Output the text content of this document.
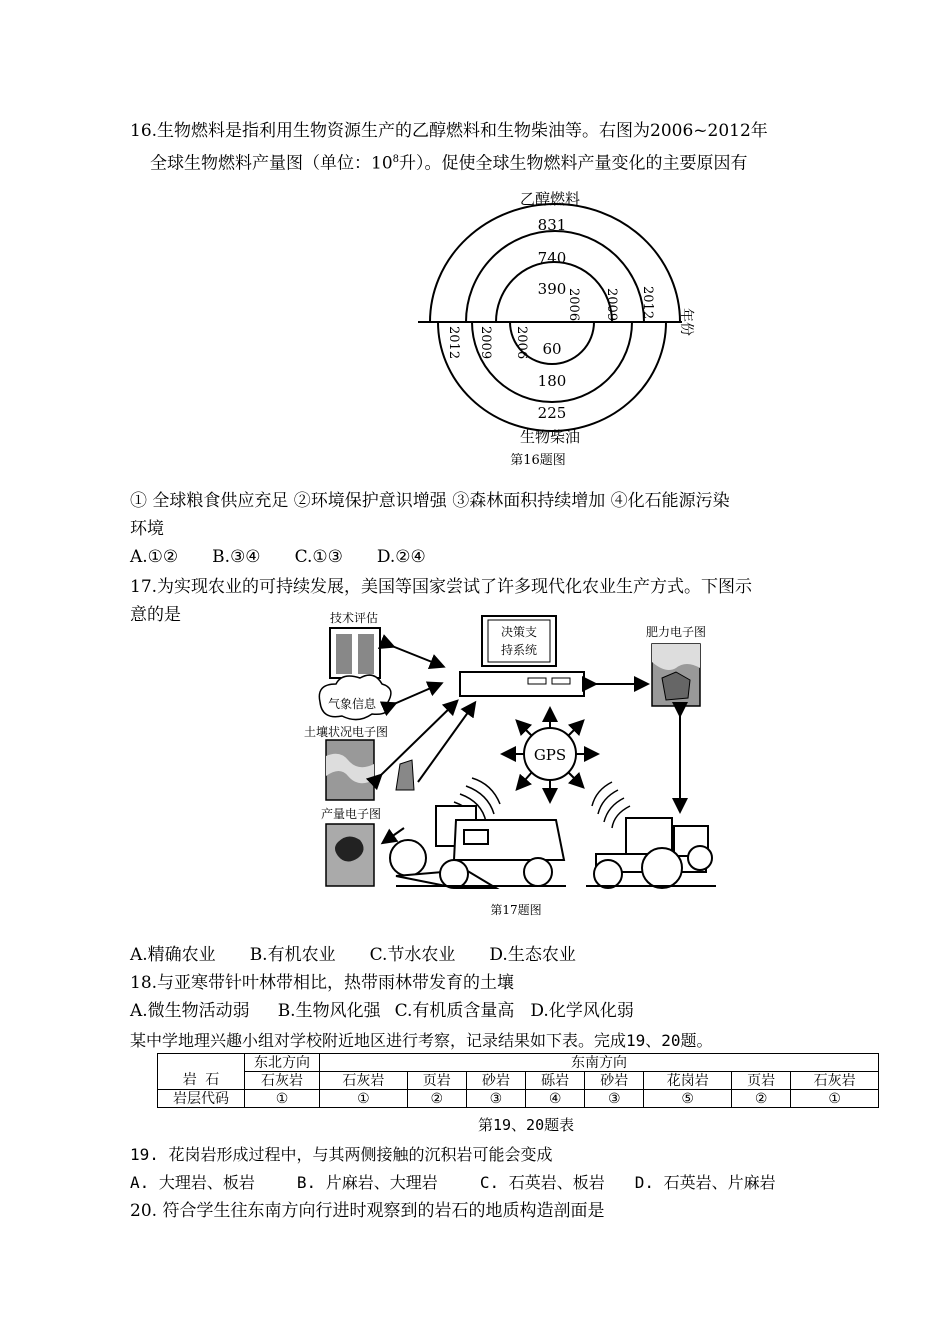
16.生物燃料是指利用生物资源生产的乙醇燃料和生物柴油等。右图为2006~2012年
全球生物燃料产量图（单位：$10^8$升）。促使全球生物燃料产量变化的主要原因有
乙醇燃料
831
740
390 2006 2009 2012
年份
2012 2009 2006 60
180
225
生物柴油
第16题图
① 全球粮食供应充足 ②环境保护意识增强 ③森林面积持续增加 ④化石能源污染
环境
A.①② B.③④ C.①③ D.②④
17.为实现农业的可持续发展，美国等国家尝试了许多现代化农业生产方式。下图示
意的是	技术评估
气象信息
土壤状况电子图
产量电子图
决策支
持系统
肥力电子图
GPS
第17题图
A.精确农业 B.有机农业 C.节水农业 D.生态农业
18.与亚寒带针叶林带相比，热带雨林带发育的土壤
A.微生物活动弱 B.生物风化强 C.有机质含量高 D.化学风化弱
某中学地理兴趣小组对学校附近地区进行考察，记录结果如下表。完成19、20题。
	东北方向	东南方向							
岩 石	石灰岩	石灰岩	页岩	砂岩	砾岩	砂岩	花岗岩	页岩	石灰岩
岩层代码	①	①	②	③	④	③	⑤	②	①
第19、20题表
19. 花岗岩形成过程中，与其两侧接触的沉积岩可能会变成
A. 大理岩、板岩	B. 片麻岩、大理岩	C. 石英岩、板岩 D. 石英岩、片麻岩
20. 符合学生往东南方向行进时观察到的岩石的地质构造剖面是
